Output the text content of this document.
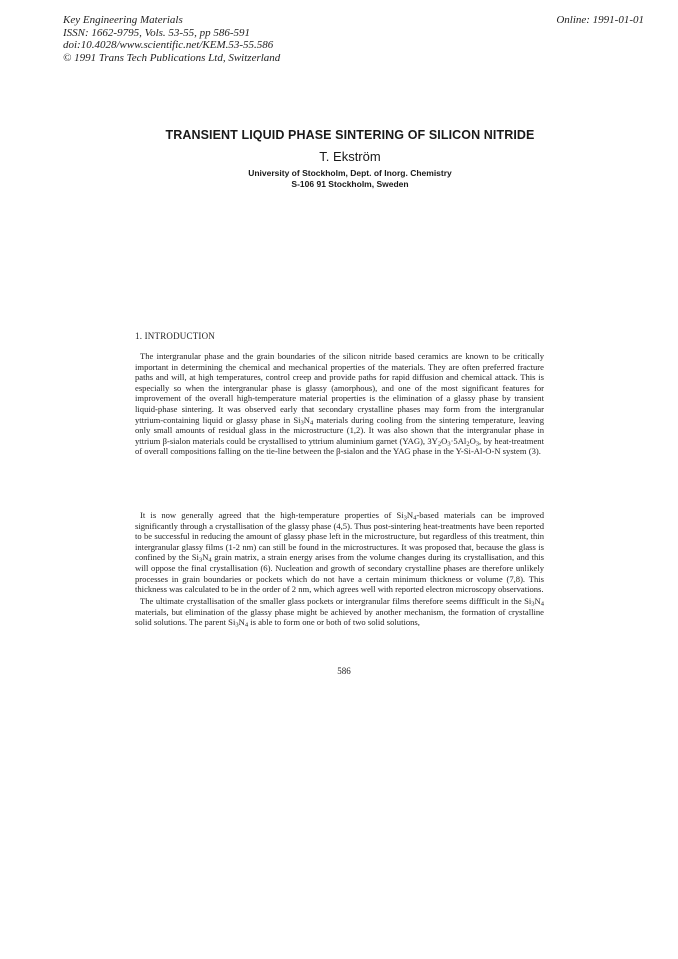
Key Engineering Materials
ISSN: 1662-9795, Vols. 53-55, pp 586-591
doi:10.4028/www.scientific.net/KEM.53-55.586
© 1991 Trans Tech Publications Ltd, Switzerland
Online: 1991-01-01
TRANSIENT LIQUID PHASE SINTERING OF SILICON NITRIDE
T. Ekström
University of Stockholm, Dept. of Inorg. Chemistry
S-106 91 Stockholm, Sweden
1. INTRODUCTION

The intergranular phase and the grain boundaries of the silicon nitride based ceramics are known to be critically important in determining the chemical and mechanical properties of the materials. They are often preferred fracture paths and will, at high temperatures, control creep and provide paths for rapid diffusion and chemical attack. This is especially so when the intergranular phase is glassy (amorphous), and one of the most significant features for improvement of the overall high-temperature material properties is the elimination of a glassy phase by transient liquid-phase sintering. It was observed early that secondary crystalline phases may form from the intergranular yttrium-containing liquid or glassy phase in $Si_3N_4$ materials during cooling from the sintering temperature, leaving only small amounts of residual glass in the microstructure (1,2). It was also shown that the intergranular phase in yttrium β-sialon materials could be crystallised to yttrium aluminium garnet (YAG), $3Y_2O_3\cdot 5Al_2O_3$, by heat-treatment of overall compositions falling on the tie-line between the β-sialon and the YAG phase in the Y-Si-Al-O-N system (3).

It is now generally agreed that the high-temperature properties of $Si_3N_4$-based materials can be improved significantly through a crystallisation of the glassy phase (4,5). Thus post-sintering heat-treatments have been reported to be successful in reducing the amount of glassy phase left in the microstructure, but regardless of this treatment, thin intergranular glassy films (1-2 nm) can still be found in the microstructures. It was proposed that, because the glass is confined by the $Si_3N_4$ grain matrix, a strain energy arises from the volume changes during its crystallisation, and this will oppose the final crystallisation (6). Nucleation and growth of secondary crystalline phases are therefore unlikely processes in grain boundaries or pockets which do not have a certain minimum thickness or volume (7,8). This thickness was calculated to be in the order of 2 nm, which agrees well with reported electron microscopy observations.

The ultimate crystallisation of the smaller glass pockets or intergranular films therefore seems diffficult in the $Si_3N_4$ materials, but elimination of the glassy phase might be achieved by another mechanism, the formation of crystalline solid solutions. The parent $Si_3N_4$ is able to form one or both of two solid solutions,

586
